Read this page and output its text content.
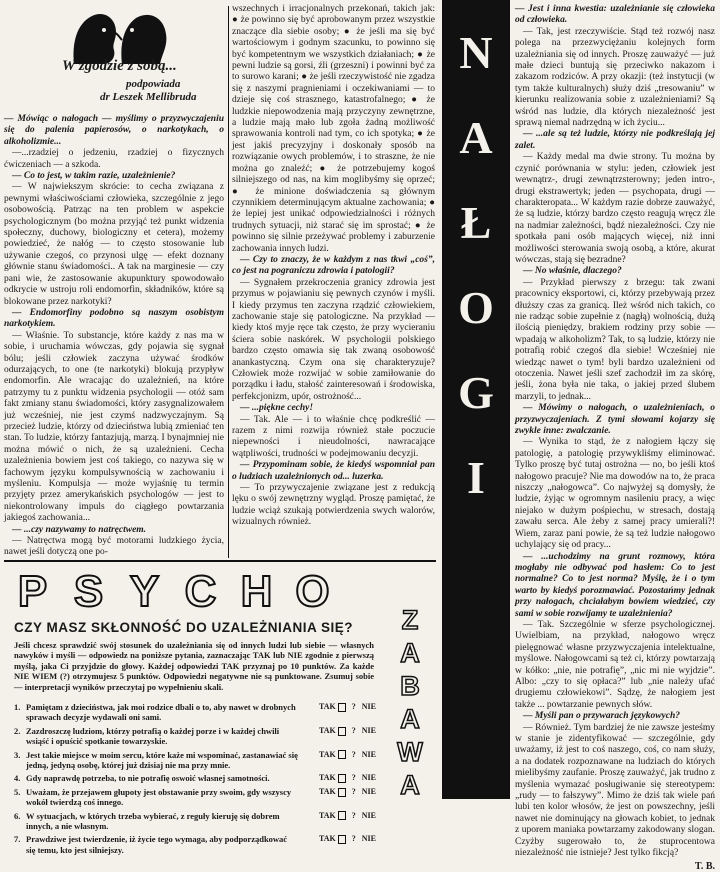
W zgodzie z sobą...
podpowiada
dr Leszek Mellibruda

— Mówiąc o nałogach — myślimy o przyzwyczajeniu się do palenia papierosów, o narkotykach, o alkoholizmie...

—...rzadziej o jedzeniu, rzadziej o fizycznych ćwiczeniach — a szkoda.

— Co to jest, w takim razie, uzależnienie?

— W najwiekszym skrócie: to cecha związana z pewnymi właściwościami człowieka, szczególnie z jego osobowością. Patrząc na ten problem w aspekcie psychologicznym (bo można przyjąć też punkt widzenia społeczny, duchowy, biologiczny et cetera), możemy powiedzieć, że nałóg — to często stosowanie lub używanie czegoś, co przynosi ulgę — efekt doznany głównie stanu świadomości.. A tak na marginesie — czy pani wie, że zastosowanie akupunktury spowodowało odkrycie w ustroju roli endomorfin, składników, które są blokowane przez narkotyki?

— Endomorfiny podobno są naszym osobistym narkotykiem.

— Właśnie. To substancje, które każdy z nas ma w sobie, i uruchamia wówczas, gdy pojawia się sygnał bólu; jeśli człowiek zaczyna używać środków odurzających, to one (te narkotyki) blokują przypływ endomorfin. Ale wracając do uzależnień, na które patrzymy tu z punktu widzenia psychologii — otóż sam fakt zmiany stanu świadomości, który zasygnalizowałem już wcześniej, nie jest czymś nadzwyczajnym. Są przecież ludzie, którzy od dzieciństwa lubią zmieniać ten stan. To ludzie, którzy fantazjują, marzą. I bynajmniej nie można mówić o nich, że są uzależnieni. Cecha uzależnienia bowiem jest coś takiego, co nazywa się w fachowym języku kompulsywnością w zachowaniu i myśleniu. Kompulsja — może wyjaśnię tu termin przyjęty przez amerykańskich psychologów — jest to niekontrolowany impuls do ciągłego powtarzania jakiegoś zachowania...

— ...czy nazywamy to natręctwem.

— Natręctwa mogą być motorami ludzkiego życia, nawet jeśli dotyczą one po-

wszechnych i irracjonalnych przekonań, takich jak: ● że powinno się być aprobowanym przez wszystkie znaczące dla siebie osoby; ● że jeśli ma się być wartościowym i godnym szacunku, to powinno się być kompetentnym we wszystkich działaniach; ● że pewni ludzie są gorsi, źli (grzeszni) i powinni być za to surowo karani; ● że jeśli rzeczywistość nie zgadza się z naszymi pragnieniami i oczekiwaniami — to dzieje się coś strasznego, katastrofalnego; ● że ludzkie niepowodzenia mają przyczyny zewnętrzne, a ludzie mają mało lub zgoła żadną możliwość sprawowania kontroli nad tym, co ich spotyka; ● że jest jakiś precyzyjny i doskonały sposób na rozwiązanie owych problemów, i to straszne, że nie można go znaleźć; ● że potrzebujemy kogoś silniejszego od nas, na kim moglibyśmy się oprzeć; ● że minione doświadczenia są głównym czynnikiem determinującym aktualne zachowania; ● że lepiej jest unikać odpowiedzialności i różnych trudnych sytuacji, niż starać się im sprostać; ● że powinno się silnie przeżywać problemy i zaburzenie zachowania innych ludzi.

— Czy to znaczy, że w każdym z nas tkwi „coś”, co jest na pograniczu zdrowia i patologii?

— Sygnałem przekroczenia granicy zdrowia jest przymus w pojawianiu się pewnych czynów i myśli. I kiedy przymus ten zaczyna rządzić człowiekiem, zachowanie staje się patologiczne. Na przykład — kiedy ktoś myje ręce tak często, że przy wycieraniu ściera sobie naskórek. W psychologii polskiego bardzo często omawia się tak zwaną osobowość anankastyczną. Czym ona się charakteryzuje? Człowiek może rozwijać w sobie zamiłowanie do porządku i ładu, stałość zainteresowań i środowiska, perfekcjonizm, upór, ostrożność...

— ...piękne cechy!

— Tak. Ale — i to właśnie chcę podkreślić — razem z nimi rozwija również stałe poczucie niepewności i nieudolności, nawracające wątpliwości, trudności w podejmowaniu decyzji.

— Przypominam sobie, że kiedyś wspomniał pan o ludziach uzależnionych od... luzerka.

— To przywyczajenie związane jest z redukcją lęku o swój zewnętrzny wygląd. Proszę pamiętać, że ludzie wciąż szukają potwierdzenia swych walorów, wizualnych również.

N
A
Ł
O
G
I

— Jest i inna kwestia: uzależnianie się człowieka od człowieka.

— Tak, jest rzeczywiście. Stąd też rozwój nasz polega na przezwyciężaniu kolejnych form uzależniania się od innych. Proszę zauważyć — już małe dzieci buntują się przeciwko nakazom i zakazom rodziców. A przy okazji: (też instytucji (w tym także kulturalnych) służy dziś „tresowaniu” w kierunku realizowania sobie z uzależnieniami? Są wśród nas ludzie, dla których niezależność jest sprawą niemal nadrzędną w ich życiu...

— ...ale są też ludzie, którzy nie podkreślają jej zalet.

— Każdy medal ma dwie strony. Tu można by czynić porównania w stylu: jeden, człowiek jest wewnątrz-, drugi zewnątrzsterowny; jeden intro-, drugi ekstrawertyk; jeden — psychopata, drugi — charakteropata... W każdym razie dobrze zauważyć, że są ludzie, którzy bardzo często reagują wręcz źle na nadmiar zależności, bądź niezależności. Czy nie spotkała pani osób mających więcej, niż inni możliwości sterowania swoją osobą, a które, akurat wówczas, stają się bezradne?

— No właśnie, dlaczego?

— Przykład pierwszy z brzegu: tak zwani pracownicy eksportowi, ci, którzy przebywają przez dłuższy czas za granicą. Ileż wśród nich takich, co nie radząc sobie zupełnie z (nagłą) wolnością, dużą ilością pieniędzy, brakiem rodziny przy sobie — wpadają w alkoholizm? Tak, to są ludzie, którzy nie potrafią robić czegoś dla siebie! Wcześniej nie wiedząc nawet o tym! byli bardzo uzależnieni od otoczenia. Nawet jeśli szef zachodził im za skórę, jeśli, żona była nie taka, o jakiej przed ślubem marzyli, to jednak...

— Mówimy o nałogach, o uzależnieniach, o przyzwyczajeniach. Z tymi słowami kojarzy się zwykle inne: zwalczanie.

— Wynika to stąd, że z nałogiem łączy się patologię, a patologię przywykliśmy eliminować. Tylko proszę być tutaj ostrożna — no, bo jeśli ktoś nałogowo pracuje? Nie ma dowodów na to, że praca niszczy „nałogowca”. Co najwyżej są domysły, że ludzie, żyjąc w ogromnym nasileniu pracy, a więc niejako w dużym pośpiechu, w stresach, dostają zawału serca. Ale żeby z samej pracy umierali?! Wiem, zaraz pani powie, że są też ludzie nałogowo uchylający się od pracy...

— ...uchodzimy na grunt rozmowy, która mogłaby nie odbywać pod hasłem: Co to jest normalne? Co to jest norma? Myślę, że i o tym warto by kiedyś porozmawiać. Pozostańmy jednak przy nałogach, chciałabym bowiem wiedzieć, czy sami w sobie rozwijamy te uzależnienia?

— Tak. Szczególnie w sferze psychologicznej. Uwielbiam, na przykład, nałogowo wręcz pielęgnować własne przyzwyczajenia intelektualne, myślowe. Nałogowcami są też ci, którzy powtarzają w kółko: „nie, nie potrafię”, „nic mi nie wyjdzie”. Albo: „czy to się opłaca?” lub „nie należy ufać drugiemu człowiekowi”. Sądzę, że nałogiem jest także ... powtarzanie pewnych słów.

— Myśli pan o przywarach językowych?

— Również. Tym bardziej że nie zawsze jesteśmy w stanie je zidentyfikować — szczególnie, gdy uważamy, iż jest to coś naszego, coś, co nam służy, a na dodatek rozpoznawane na ludziach do których mielibyśmy zaufanie. Proszę zauważyć, jak trudno z myślenia wymazać posługiwanie się stereotypem: „rudy — to fałszywy”. Mimo że dziś tak wiele pań lubi ten kolor włosów, że jest on powszechny, jeśli nawet nie dominujący na głowach kobiet, to jednak z uporem maniaka powtarzamy zakodowany slogan. Czyżby sugerowało to, że stuprocentowa niezależność nie istnieje? Jest tylko fikcją?

T. B.
P S Y C H O
CZY MASZ SKŁONNOŚĆ DO UZALEŻNIANIA SIĘ?

Jeśli chcesz sprawdzić swój stosunek do uzależniania się od innych ludzi lub siebie — własnych nawyków i myśli — odpowiedz na poniższe pytania, zaznaczając TAK lub NIE zgodnie z pierwszą myślą, jaka Ci przyjdzie do głowy. Każdej odpowiedzi TAK przyznaj po 10 punktów. Za każde NIE WIEM (?) otrzymujesz 5 punktów. Odpowiedzi negatywne nie są punktowane. Zsumuj sobie — interpretacji wyników przeczytaj po wypełnieniu skali.

1. Pamiętam z dzieciństwa, jak moi rodzice dbali o to, aby nawet w drobnych sprawach decyzje wydawali oni sami.
TAK ? NIE
2. Zazdroszczę ludziom, którzy potrafią o każdej porze i w każdej chwili wsiąść i opuścić spotkanie towarzyskie.
TAK ? NIE
3. Jest takie miejsce w moim sercu, które każe mi wspominać, zastanawiać się jedną, jedyną osobę, której już dzisiaj nie ma przy mnie.
TAK ? NIE
4. Gdy naprawdę potrzeba, to nie potrafię oswoić własnej samotności.	TAK ? NIE
5. Uważam, że przejawem głupoty jest obstawanie przy swoim, gdy wszyscy wokół twierdzą coś innego.
TAK ? NIE
6. W sytuacjach, w których trzeba wybierać, z reguły kieruję się dobrem innych, a nie własnym.
TAK ? NIE
7. Prawdziwe jest twierdzenie, iż życie tego wymaga, aby podporządkować się temu, kto jest silniejszy.
TAK ? NIE
Z
A
B
A
W
A
